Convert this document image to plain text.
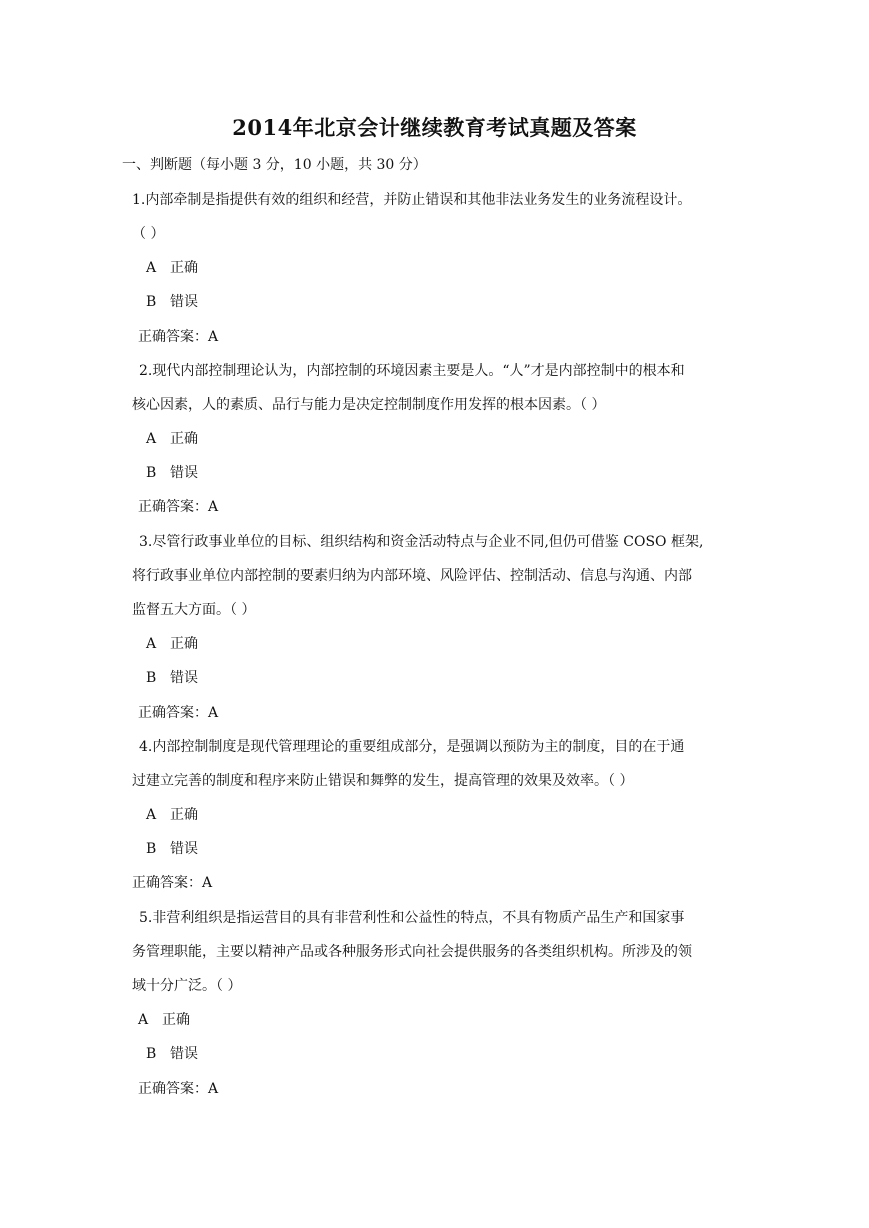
2014年北京会计继续教育考试真题及答案
一、判断题（每小题 3 分，10 小题，共 30 分）
1.内部牵制是指提供有效的组织和经营，并防止错误和其他非法业务发生的业务流程设计。
（ ）
A 正确
B 错误
正确答案：A
2.现代内部控制理论认为，内部控制的环境因素主要是人。“人”才是内部控制中的根本和
核心因素，人的素质、品行与能力是决定控制制度作用发挥的根本因素。（ ）
A 正确
B 错误
正确答案：A
3.尽管行政事业单位的目标、组织结构和资金活动特点与企业不同,但仍可借鉴 COSO 框架,
将行政事业单位内部控制的要素归纳为内部环境、风险评估、控制活动、信息与沟通、内部
监督五大方面。（ ）
A 正确
B 错误
正确答案：A
4.内部控制制度是现代管理理论的重要组成部分，是强调以预防为主的制度，目的在于通
过建立完善的制度和程序来防止错误和舞弊的发生，提高管理的效果及效率。（ ）
A 正确
B 错误
正确答案：A
5.非营利组织是指运营目的具有非营利性和公益性的特点，不具有物质产品生产和国家事
务管理职能，主要以精神产品或各种服务形式向社会提供服务的各类组织机构。所涉及的领
域十分广泛。（ ）
A 正确
B 错误
正确答案：A
